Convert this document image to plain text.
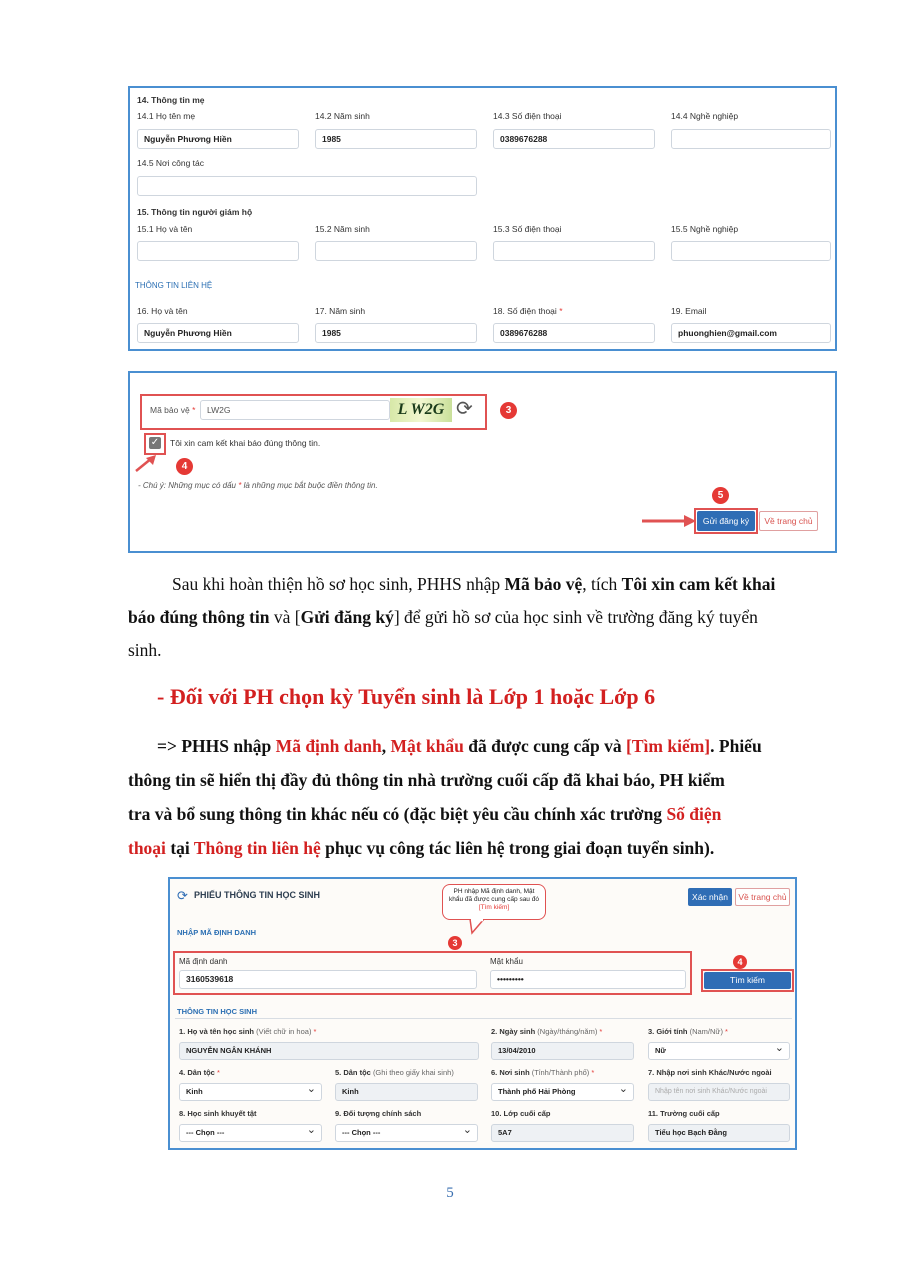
14. Thông tin mẹ
14.1 Họ tên mẹ	14.2 Năm sinh	14.3 Số điện thoại	14.4 Nghề nghiệp
Nguyễn Phương Hiền	1985	0389676288
14.5 Nơi công tác
15. Thông tin người giám hộ
15.1 Họ và tên	15.2 Năm sinh	15.3 Số điện thoại	15.5 Nghề nghiệp
THÔNG TIN LIÊN HỆ
16. Họ và tên	17. Năm sinh	18. Số điện thoại *	19. Email
Nguyễn Phương Hiền	1985	0389676288	phuonghien@gmail.com
Mã bảo vệ *	LW2G	L W2G ⟳	3
✓ Tôi xin cam kết khai báo đúng thông tin.
4
- Chú ý: Những mục có dấu * là những mục bắt buộc điền thông tin.
5
Gửi đăng ký	Về trang chủ
Sau khi hoàn thiện hồ sơ học sinh, PHHS nhập Mã bảo vệ, tích Tôi xin cam kết khai
báo đúng thông tin và [Gửi đăng ký] để gửi hồ sơ của học sinh về trường đăng ký tuyển
sinh.
- Đối với PH chọn kỳ Tuyển sinh là Lớp 1 hoặc Lớp 6
=> PHHS nhập Mã định danh, Mật khẩu đã được cung cấp và [Tìm kiếm]. Phiếu
thông tin sẽ hiển thị đầy đủ thông tin nhà trường cuối cấp đã khai báo, PH kiểm
tra và bổ sung thông tin khác nếu có (đặc biệt yêu cầu chính xác trường Số điện
thoại tại Thông tin liên hệ phục vụ công tác liên hệ trong giai đoạn tuyển sinh).
⟳ PHIẾU THÔNG TIN HỌC SINH	PH nhập Mã định danh, Mật
khẩu đã được cung cấp sau đó
[Tìm kiếm]
Xác nhận	Về trang chủ
NHẬP MÃ ĐỊNH DANH
3
Mã định danh
3160539618
Mật khẩu
•••••••••
4
Tìm kiếm
THÔNG TIN HỌC SINH
1. Họ và tên học sinh (Viết chữ in hoa) *	2. Ngày sinh (Ngày/tháng/năm) *	3. Giới tính (Nam/Nữ) *
NGUYỄN NGÂN KHÁNH	13/04/2010	Nữ ⌄
4. Dân tộc *	5. Dân tộc (Ghi theo giấy khai sinh)	6. Nơi sinh (Tỉnh/Thành phố) *	7. Nhập nơi sinh Khác/Nước ngoài
Kinh ⌄	Kinh	Thành phố Hải Phòng ⌄	Nhập tên nơi sinh Khác/Nước ngoài
8. Học sinh khuyết tật	9. Đối tượng chính sách	10. Lớp cuối cấp	11. Trường cuối cấp
--- Chọn --- ⌄	--- Chọn --- ⌄	5A7	Tiểu học Bạch Đằng
5
